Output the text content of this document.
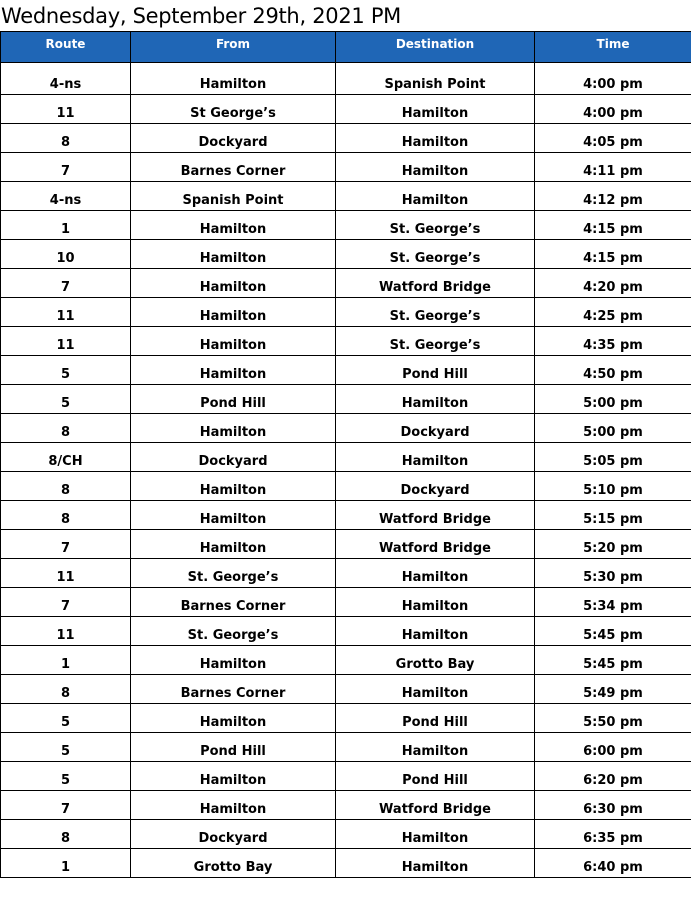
Wednesday, September 29th, 2021 PM
Route	From	Destination	Time
4-ns	Hamilton	Spanish Point	4:00 pm
11	St George’s	Hamilton	4:00 pm
8	Dockyard	Hamilton	4:05 pm
7	Barnes Corner	Hamilton	4:11 pm
4-ns	Spanish Point	Hamilton	4:12 pm
1	Hamilton	St. George’s	4:15 pm
10	Hamilton	St. George’s	4:15 pm
7	Hamilton	Watford Bridge	4:20 pm
11	Hamilton	St. George’s	4:25 pm
11	Hamilton	St. George’s	4:35 pm
5	Hamilton	Pond Hill	4:50 pm
5	Pond Hill	Hamilton	5:00 pm
8	Hamilton	Dockyard	5:00 pm
8/CH	Dockyard	Hamilton	5:05 pm
8	Hamilton	Dockyard	5:10 pm
8	Hamilton	Watford Bridge	5:15 pm
7	Hamilton	Watford Bridge	5:20 pm
11	St. George’s	Hamilton	5:30 pm
7	Barnes Corner	Hamilton	5:34 pm
11	St. George’s	Hamilton	5:45 pm
1	Hamilton	Grotto Bay	5:45 pm
8	Barnes Corner	Hamilton	5:49 pm
5	Hamilton	Pond Hill	5:50 pm
5	Pond Hill	Hamilton	6:00 pm
5	Hamilton	Pond Hill	6:20 pm
7	Hamilton	Watford Bridge	6:30 pm
8	Dockyard	Hamilton	6:35 pm
1	Grotto Bay	Hamilton	6:40 pm
